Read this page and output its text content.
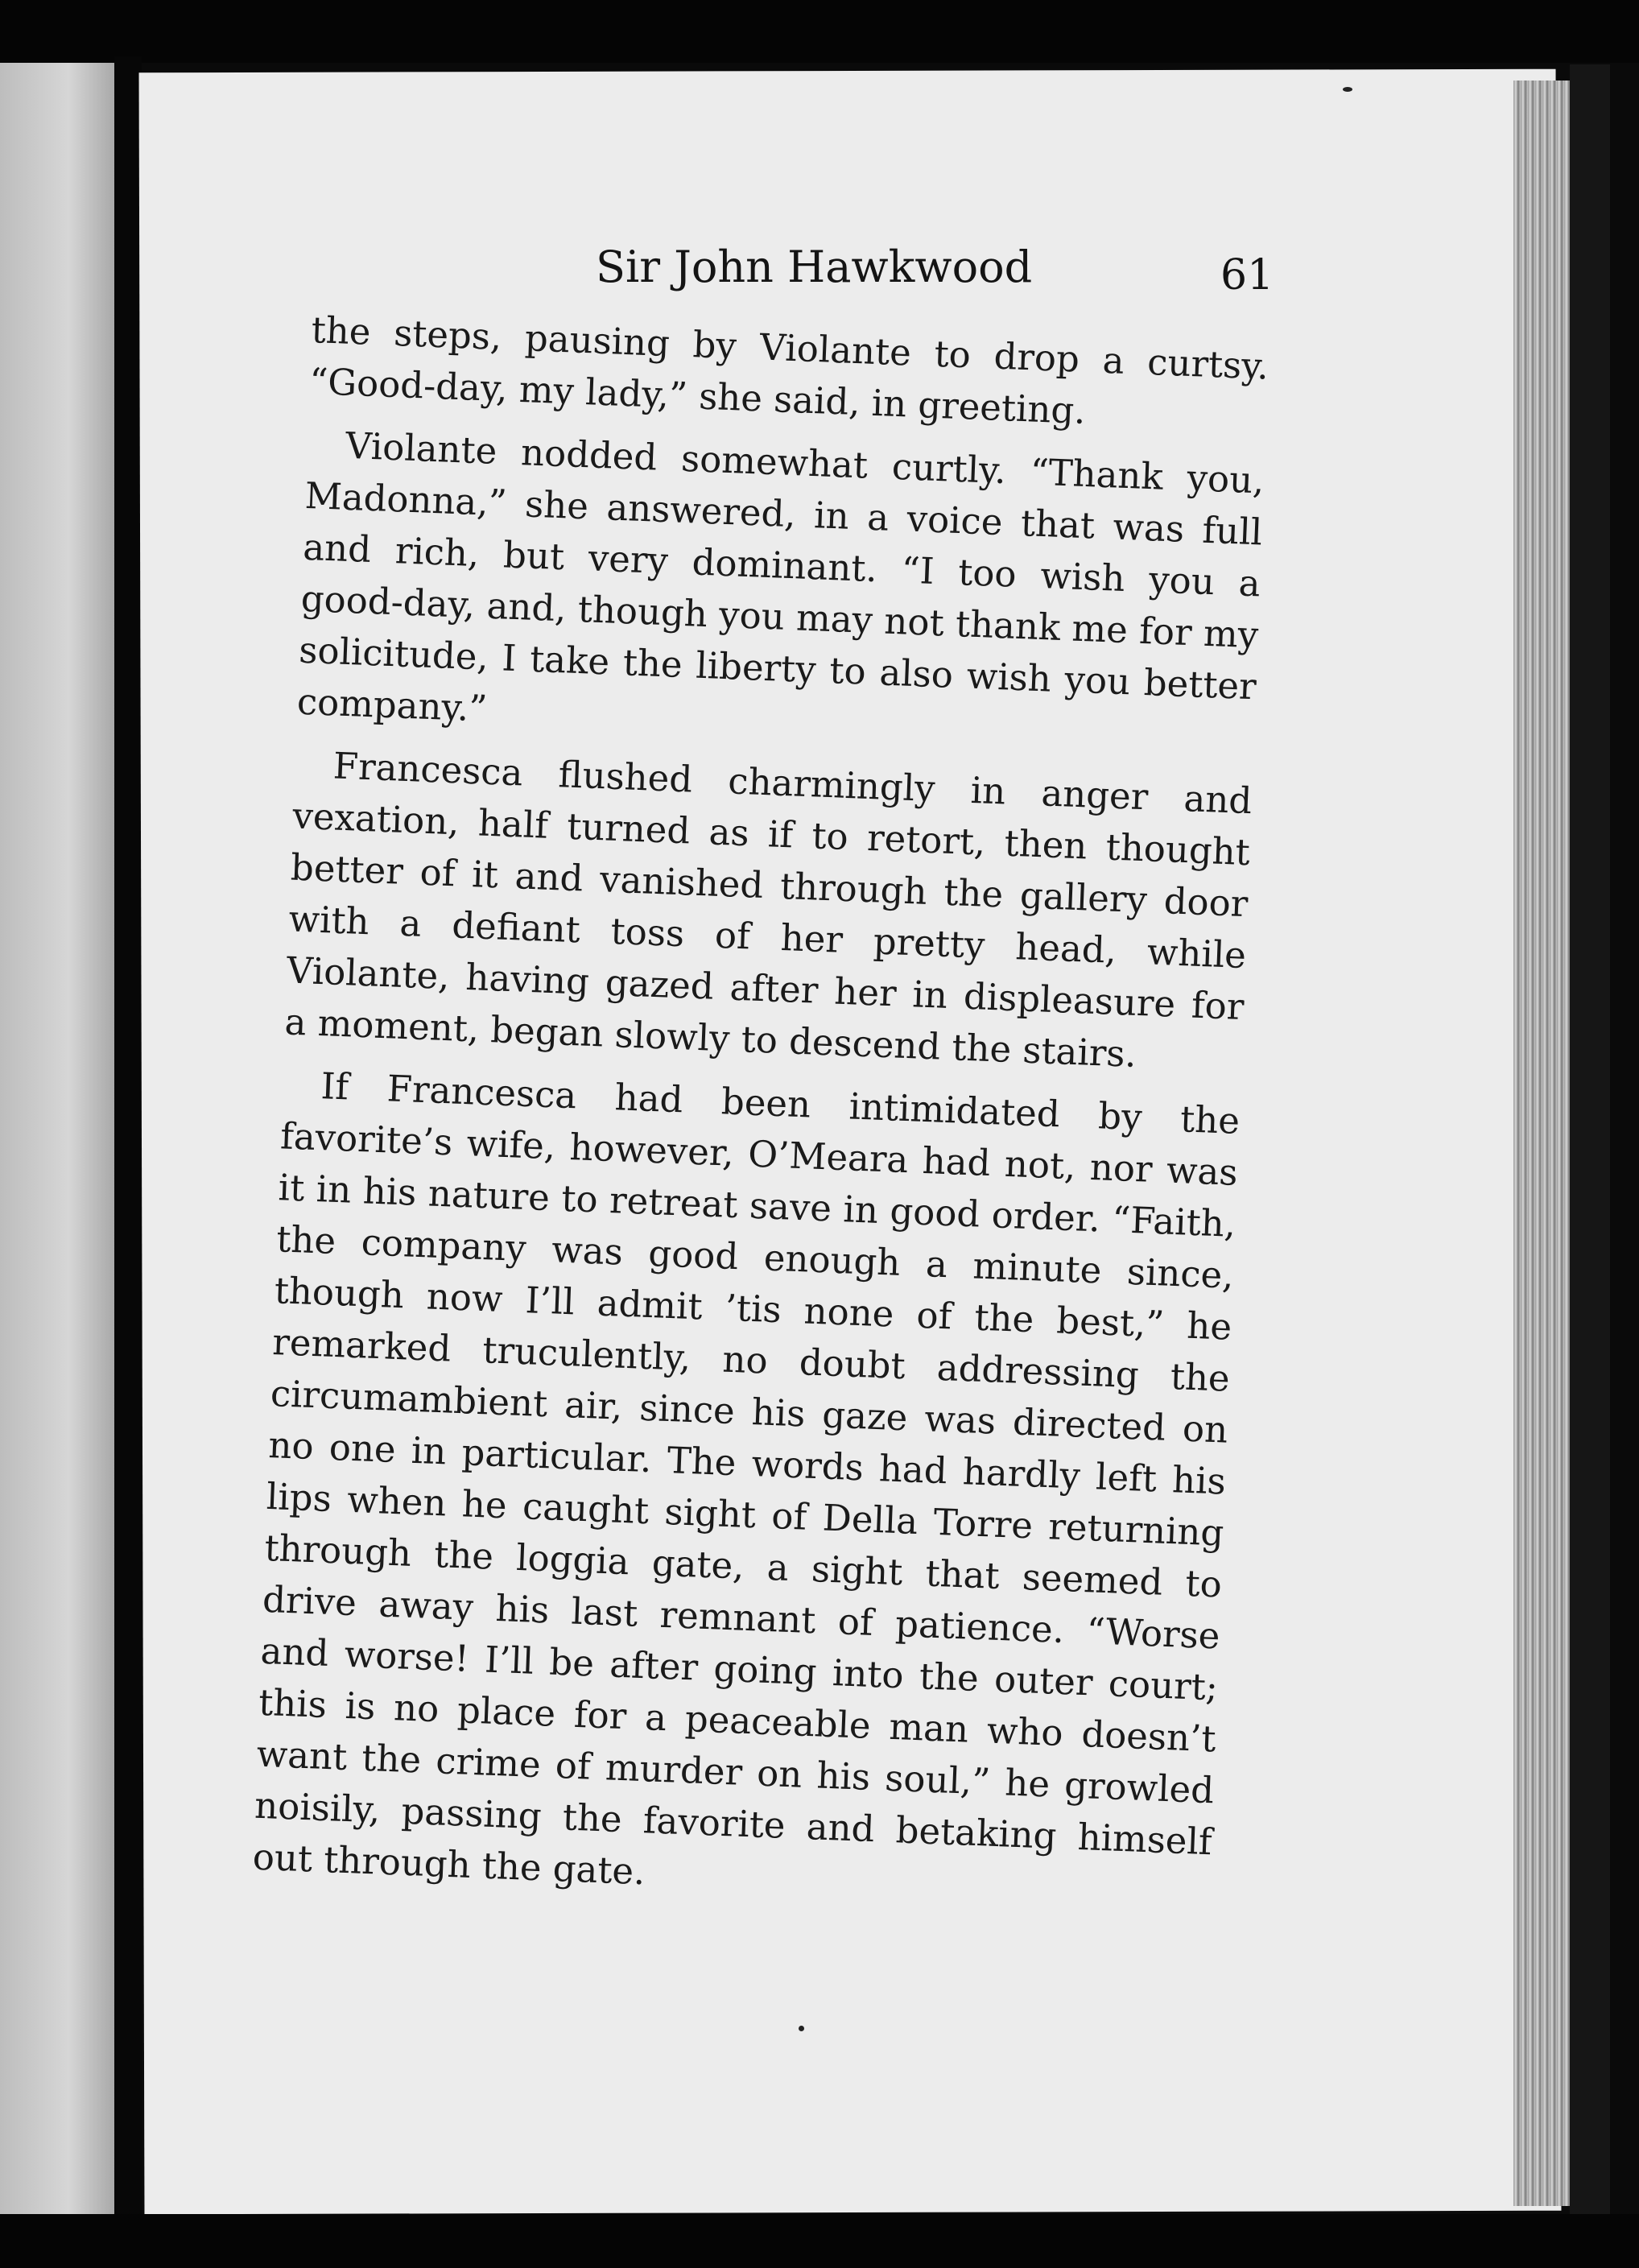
Sir John Hawkwood	61

the steps, pausing by Violante to drop a curtsy. “Good-day, my lady,” she said, in greeting.

Violante nodded somewhat curtly. “Thank you, Madonna,” she answered, in a voice that was full and rich, but very dominant. “I too wish you a good-day, and, though you may not thank me for my solicitude, I take the liberty to also wish you better company.”

Francesca flushed charmingly in anger and vexation, half turned as if to retort, then thought better of it and vanished through the gallery door with a defiant toss of her pretty head, while Violante, having gazed after her in displeasure for a moment, began slowly to descend the stairs.

If Francesca had been intimidated by the favorite’s wife, however, O’Meara had not, nor was it in his nature to retreat save in good order. “Faith, the company was good enough a minute since, though now I’ll admit ’tis none of the best,” he remarked truculently, no doubt addressing the circumambient air, since his gaze was directed on no one in particular. The words had hardly left his lips when he caught sight of Della Torre returning through the loggia gate, a sight that seemed to drive away his last remnant of patience. “Worse and worse! I’ll be after going into the outer court; this is no place for a peaceable man who doesn’t want the crime of murder on his soul,” he growled noisily, passing the favorite and betaking himself out through the gate.
